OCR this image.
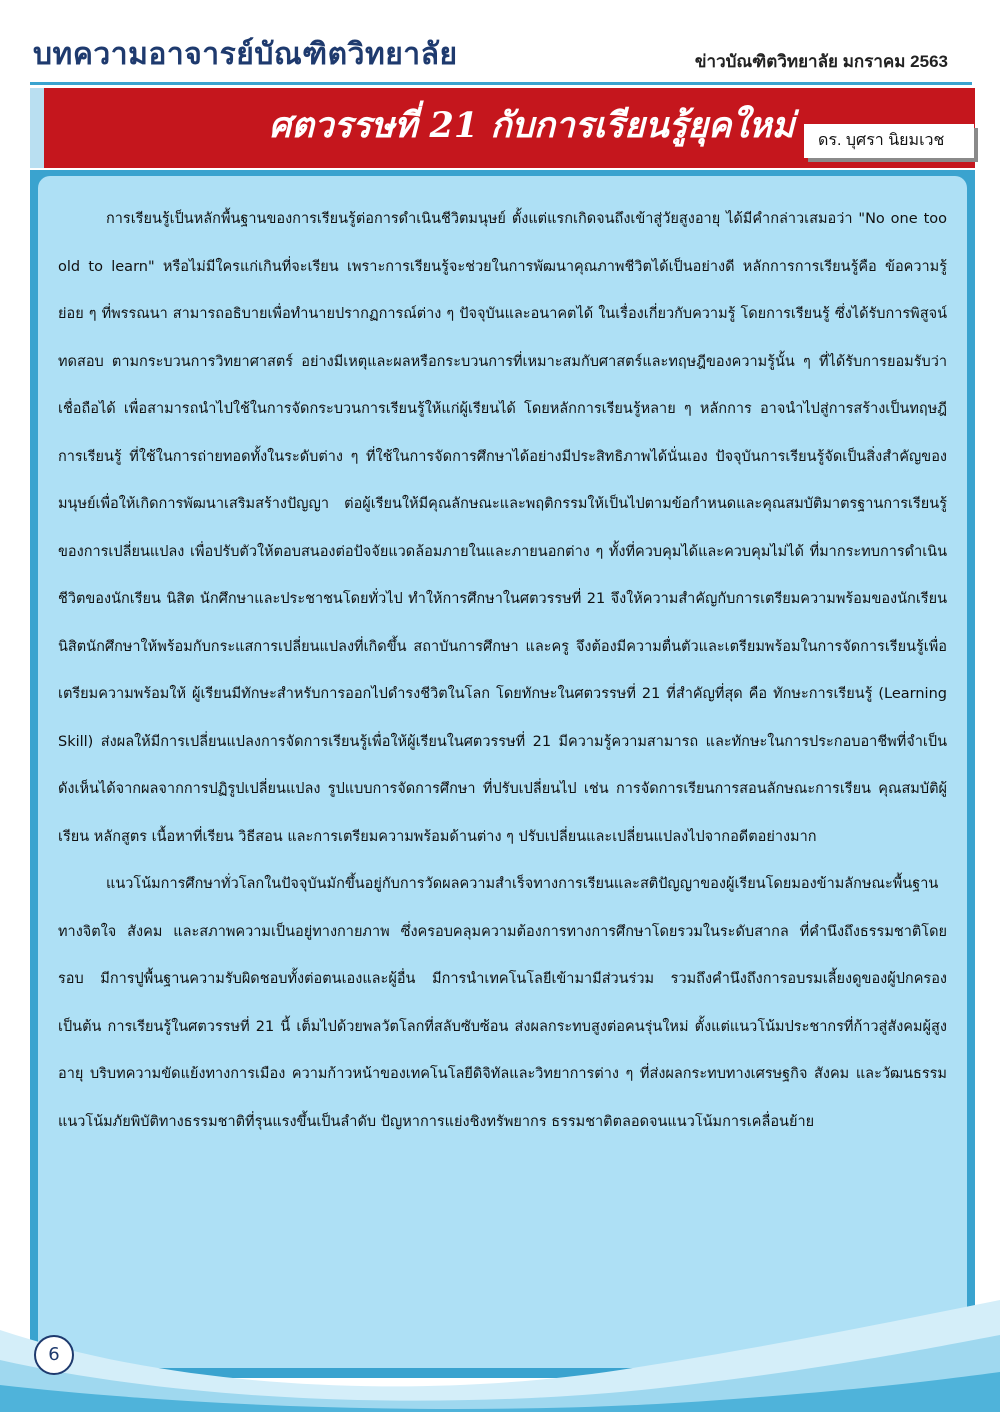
บทความอาจารย์บัณฑิตวิทยาลัย	ข่าวบัณฑิตวิทยาลัย มกราคม 2563
ศตวรรษที่ 21 กับการเรียนรู้ยุคใหม่	ดร. บุศรา นิยมเวช

การเรียนรู้เป็นหลักพื้นฐานของการเรียนรู้ต่อการดำเนินชีวิตมนุษย์ ตั้งแต่แรกเกิดจนถึงเข้าสู่วัยสูงอายุ ได้มีคำกล่าวเสมอว่า "No one too old to learn" หรือไม่มีใครแก่เกินที่จะเรียน เพราะการเรียนรู้จะช่วยในการพัฒนาคุณภาพชีวิตได้เป็นอย่างดี หลักการการเรียนรู้คือ ข้อความรู้ย่อย ๆ ที่พรรณนา สามารถอธิบายเพื่อทำนายปรากฏการณ์ต่าง ๆ ปัจจุบันและอนาคตได้ ในเรื่องเกี่ยวกับความรู้ โดยการเรียนรู้ ซึ่งได้รับการพิสูจน์ ทดสอบ ตามกระบวนการวิทยาศาสตร์ อย่างมีเหตุและผลหรือกระบวนการที่เหมาะสมกับศาสตร์และทฤษฎีของความรู้นั้น ๆ ที่ได้รับการยอมรับว่าเชื่อถือได้ เพื่อสามารถนำไปใช้ในการจัดกระบวนการเรียนรู้ให้แก่ผู้เรียนได้ โดยหลักการเรียนรู้หลาย ๆ หลักการ อาจนำไปสู่การสร้างเป็นทฤษฎีการเรียนรู้ ที่ใช้ในการถ่ายทอดทั้งในระดับต่าง ๆ ที่ใช้ในการจัดการศึกษาได้อย่างมีประสิทธิภาพได้นั่นเอง ปัจจุบันการเรียนรู้จัดเป็นสิ่งสำคัญของมนุษย์เพื่อให้เกิดการพัฒนาเสริมสร้างปัญญา ต่อผู้เรียนให้มีคุณลักษณะและพฤติกรรมให้เป็นไปตามข้อกำหนดและคุณสมบัติมาตรฐานการเรียนรู้ของการเปลี่ยนแปลง เพื่อปรับตัวให้ตอบสนองต่อปัจจัยแวดล้อมภายในและภายนอกต่าง ๆ ทั้งที่ควบคุมได้และควบคุมไม่ได้ ที่มากระทบการดำเนินชีวิตของนักเรียน นิสิต นักศึกษาและประชาชนโดยทั่วไป ทำให้การศึกษาในศตวรรษที่ 21 จึงให้ความสำคัญกับการเตรียมความพร้อมของนักเรียน นิสิตนักศึกษาให้พร้อมกับกระแสการเปลี่ยนแปลงที่เกิดขึ้น สถาบันการศึกษา และครู จึงต้องมีความตื่นตัวและเตรียมพร้อมในการจัดการเรียนรู้เพื่อเตรียมความพร้อมให้ ผู้เรียนมีทักษะสำหรับการออกไปดำรงชีวิตในโลก โดยทักษะในศตวรรษที่ 21 ที่สำคัญที่สุด คือ ทักษะการเรียนรู้ (Learning Skill) ส่งผลให้มีการเปลี่ยนแปลงการจัดการเรียนรู้เพื่อให้ผู้เรียนในศตวรรษที่ 21 มีความรู้ความสามารถ และทักษะในการประกอบอาชีพที่จำเป็น ดังเห็นได้จากผลจากการปฏิรูปเปลี่ยนแปลง รูปแบบการจัดการศึกษา ที่ปรับเปลี่ยนไป เช่น การจัดการเรียนการสอนลักษณะการเรียน คุณสมบัติผู้เรียน หลักสูตร เนื้อหาที่เรียน วิธีสอน และการเตรียมความพร้อมด้านต่าง ๆ ปรับเปลี่ยนและเปลี่ยนแปลงไปจากอดีตอย่างมาก

แนวโน้มการศึกษาทั่วโลกในปัจจุบันมักขึ้นอยู่กับการวัดผลความสำเร็จทางการเรียนและสติปัญญาของผู้เรียนโดยมองข้ามลักษณะพื้นฐานทางจิตใจ สังคม และสภาพความเป็นอยู่ทางกายภาพ ซึ่งครอบคลุมความต้องการทางการศึกษาโดยรวมในระดับสากล ที่คำนึงถึงธรรมชาติโดยรอบ มีการปูพื้นฐานความรับผิดชอบทั้งต่อตนเองและผู้อื่น มีการนำเทคโนโลยีเข้ามามีส่วนร่วม รวมถึงคำนึงถึงการอบรมเลี้ยงดูของผู้ปกครอง เป็นต้น การเรียนรู้ในศตวรรษที่ 21 นี้ เต็มไปด้วยพลวัตโลกที่สลับซับซ้อน ส่งผลกระทบสูงต่อคนรุ่นใหม่ ตั้งแต่แนวโน้มประชากรที่ก้าวสู่สังคมผู้สูงอายุ บริบทความขัดแย้งทางการเมือง ความก้าวหน้าของเทคโนโลยีดิจิทัลและวิทยาการต่าง ๆ ที่ส่งผลกระทบทางเศรษฐกิจ สังคม และวัฒนธรรมแนวโน้มภัยพิบัติทางธรรมชาติที่รุนแรงขึ้นเป็นลำดับ ปัญหาการแย่งชิงทรัพยากร ธรรมชาติตลอดจนแนวโน้มการเคลื่อนย้าย

6
